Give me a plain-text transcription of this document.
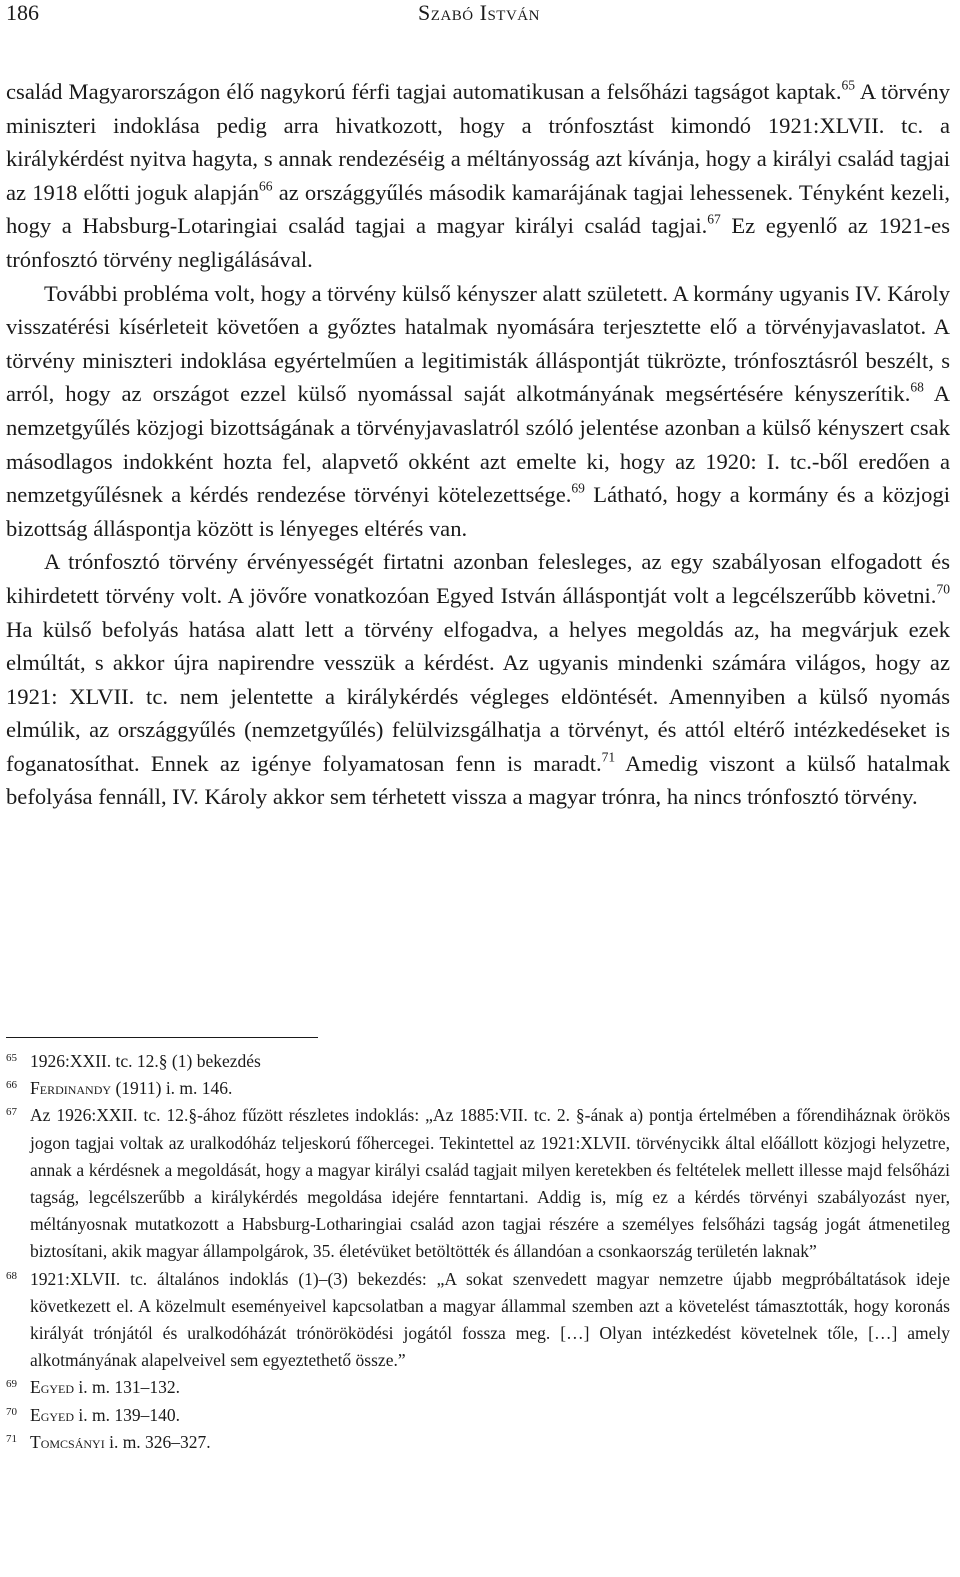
186	Szabó István

család Magyarországon élő nagykorú férfi tagjai automatikusan a felsőházi tagságot kaptak.$^{65}$ A törvény miniszteri indoklása pedig arra hivatkozott, hogy a trónfosztást kimondó 1921:XLVII. tc. a királykérdést nyitva hagyta, s annak rendezéséig a méltányosság azt kívánja, hogy a királyi család tagjai az 1918 előtti joguk alapján$^{66}$ az országgyűlés második kamarájának tagjai lehessenek. Tényként kezeli, hogy a Habsburg-Lotaringiai család tagjai a magyar királyi család tagjai.$^{67}$ Ez egyenlő az 1921-es trónfosztó törvény negligálásával.

További probléma volt, hogy a törvény külső kényszer alatt született. A kormány ugyanis IV. Károly visszatérési kísérleteit követően a győztes hatalmak nyomására terjesztette elő a törvényjavaslatot. A törvény miniszteri indoklása egyértelműen a legitimisták álláspontját tükrözte, trónfosztásról beszélt, s arról, hogy az országot ezzel külső nyomással saját alkotmányának megsértésére kényszerítik.$^{68}$ A nemzetgyűlés közjogi bizottságának a törvényjavaslatról szóló jelentése azonban a külső kényszert csak másodlagos indokként hozta fel, alapvető okként azt emelte ki, hogy az 1920: I. tc.-ből eredően a nemzetgyűlésnek a kérdés rendezése törvényi kötelezettsége.$^{69}$ Látható, hogy a kormány és a közjogi bizottság álláspontja között is lényeges eltérés van.

A trónfosztó törvény érvényességét firtatni azonban felesleges, az egy szabályosan elfogadott és kihirdetett törvény volt. A jövőre vonatkozóan Egyed István álláspontját volt a legcélszerűbb követni.$^{70}$ Ha külső befolyás hatása alatt lett a törvény elfogadva, a helyes megoldás az, ha megvárjuk ezek elmúltát, s akkor újra napirendre vesszük a kérdést. Az ugyanis mindenki számára világos, hogy az 1921: XLVII. tc. nem jelentette a királykérdés végleges eldöntését. Amennyiben a külső nyomás elmúlik, az országgyűlés (nemzetgyűlés) felülvizsgálhatja a törvényt, és attól eltérő intézkedéseket is foganatosíthat. Ennek az igénye folyamatosan fenn is maradt.$^{71}$ Amedig viszont a külső hatalmak befolyása fennáll, IV. Károly akkor sem térhetett vissza a magyar trónra, ha nincs trónfosztó törvény.

65 1926:XXII. tc. 12.§ (1) bekezdés

66 Ferdinandy (1911) i. m. 146.

67 Az 1926:XXII. tc. 12.§-ához fűzött részletes indoklás: „Az 1885:VII. tc. 2. §-ának a) pontja értelmében a főrendiháznak örökös jogon tagjai voltak az uralkodóház teljeskorú főhercegei. Tekintettel az 1921:XLVII. törvénycikk által előállott közjogi helyzetre, annak a kérdésnek a megoldását, hogy a magyar királyi család tagjait milyen keretekben és feltételek mellett illesse majd felsőházi tagság, legcélszerűbb a királykérdés megoldása idejére fenntartani. Addig is, míg ez a kérdés törvényi szabályozást nyer, méltányosnak mutatkozott a Habsburg-Lotharingiai család azon tagjai részére a személyes felsőházi tagság jogát átmenetileg biztosítani, akik magyar állampolgárok, 35. életévüket betöltötték és állandóan a csonkaország területén laknak”

68 1921:XLVII. tc. általános indoklás (1)–(3) bekezdés: „A sokat szenvedett magyar nemzetre újabb megpróbáltatások ideje következett el. A közelmult eseményeivel kapcsolatban a magyar állammal szemben azt a követelést támasztották, hogy koronás királyát trónjától és uralkodóházát trónöröködési jogától fossza meg. […] Olyan intézkedést követelnek tőle, […] amely alkotmányának alapelveivel sem egyeztethető össze.”

69 Egyed i. m. 131–132.

70 Egyed i. m. 139–140.

71 Tomcsányi i. m. 326–327.
